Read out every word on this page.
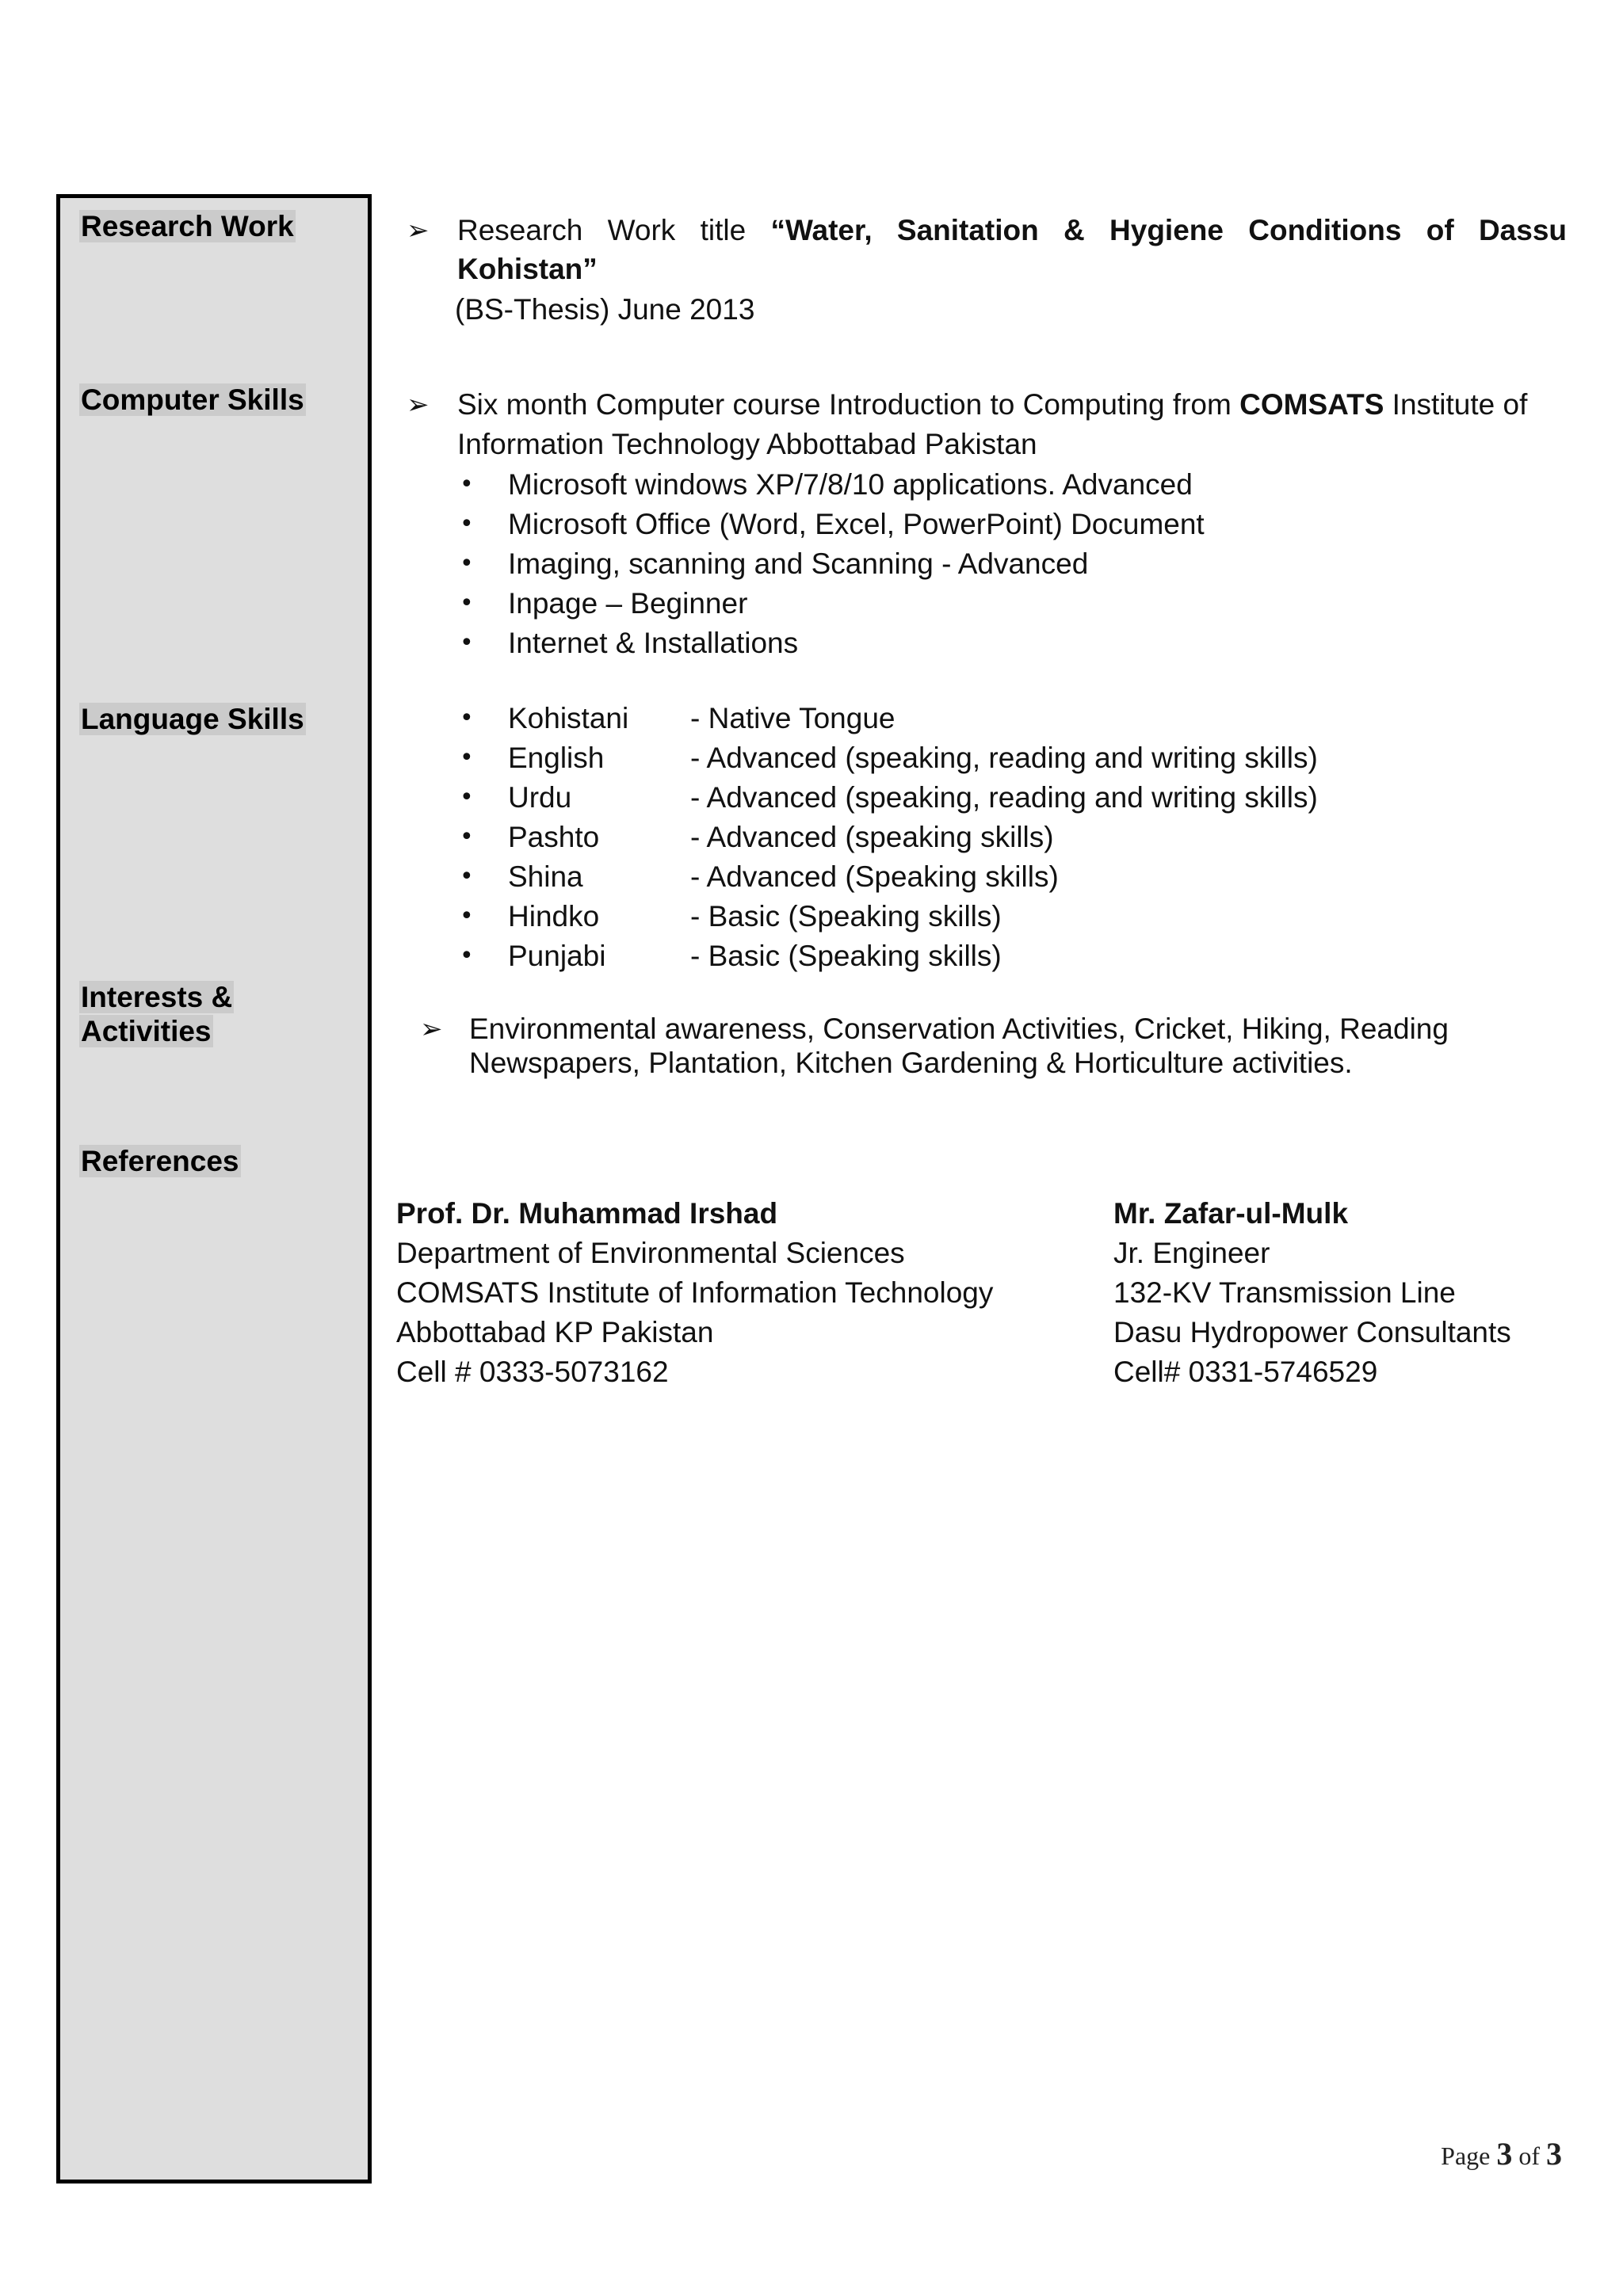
Research Work
Computer Skills
Language Skills
Interests &
Activities
References
➢ Research Work title “Water, Sanitation & Hygiene Conditions of Dassu
Kohistan”
(BS-Thesis) June 2013
➢ Six month Computer course Introduction to Computing from COMSATS Institute of
Information Technology Abbottabad Pakistan
• Microsoft windows XP/7/8/10 applications. Advanced
• Microsoft Office (Word, Excel, PowerPoint) Document
• Imaging, scanning and Scanning - Advanced
• Inpage – Beginner
• Internet & Installations
• Kohistani - Native Tongue
• English	- Advanced (speaking, reading and writing skills)
• Urdu	- Advanced (speaking, reading and writing skills)
• Pashto	- Advanced (speaking skills)
• Shina	- Advanced (Speaking skills)
• Hindko	- Basic (Speaking skills)
• Punjabi	- Basic (Speaking skills)
➢ Environmental awareness, Conservation Activities, Cricket, Hiking, Reading
Newspapers, Plantation, Kitchen Gardening & Horticulture activities.
Prof. Dr. Muhammad Irshad
Department of Environmental Sciences
COMSATS Institute of Information Technology
Abbottabad KP Pakistan
Cell # 0333-5073162
Mr. Zafar-ul-Mulk
Jr. Engineer
132-KV Transmission Line
Dasu Hydropower Consultants
Cell# 0331-5746529
Page 3 of 3
